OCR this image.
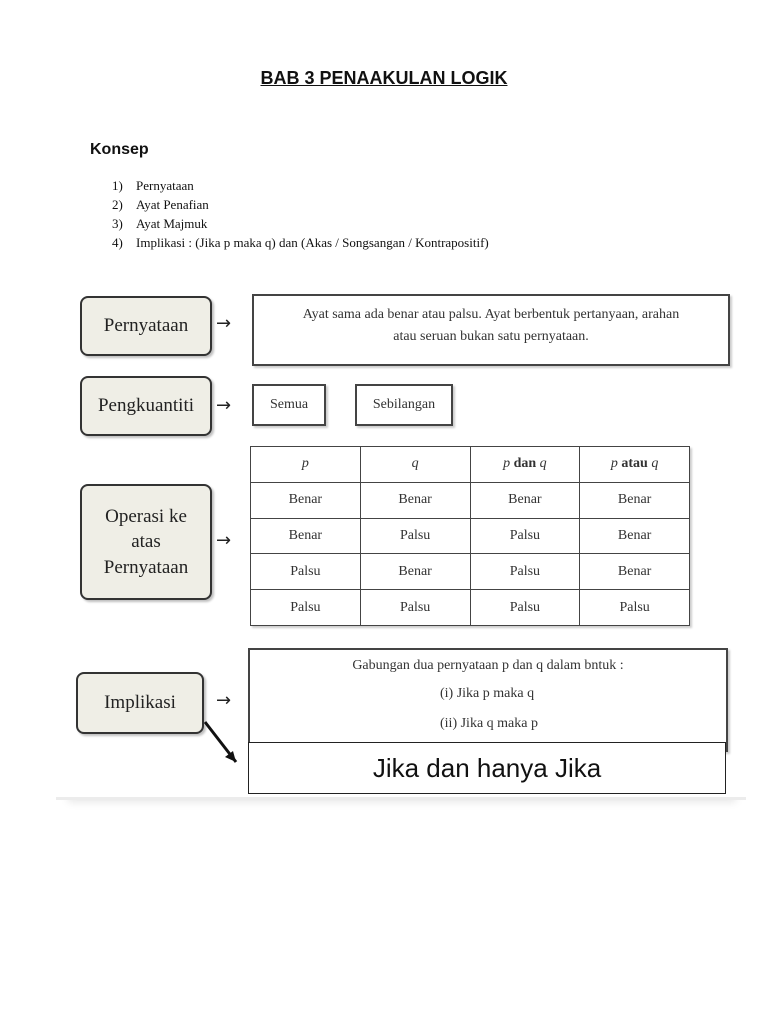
BAB 3 PENAAKULAN LOGIK
Konsep
1) Pernyataan
2) Ayat Penafian
3) Ayat Majmuk
4) Implikasi : (Jika p maka q) dan (Akas / Songsangan / Kontrapositif)
Pernyataan	→	Ayat sama ada benar atau palsu. Ayat berbentuk pertanyaan, arahan
atau seruan bukan satu pernyataan.
Pengkuantiti	→	Semua	Sebilangan
Operasi ke
atas
Pernyataan
→
p	q	p dan q	p atau q
Benar	Benar	Benar	Benar
Benar	Palsu	Palsu	Benar
Palsu	Benar	Palsu	Benar
Palsu	Palsu	Palsu	Palsu
Implikasi	→
Gabungan dua pernyataan p dan q dalam bntuk :
(i) Jika p maka q
(ii) Jika q maka p
Jika dan hanya Jika
